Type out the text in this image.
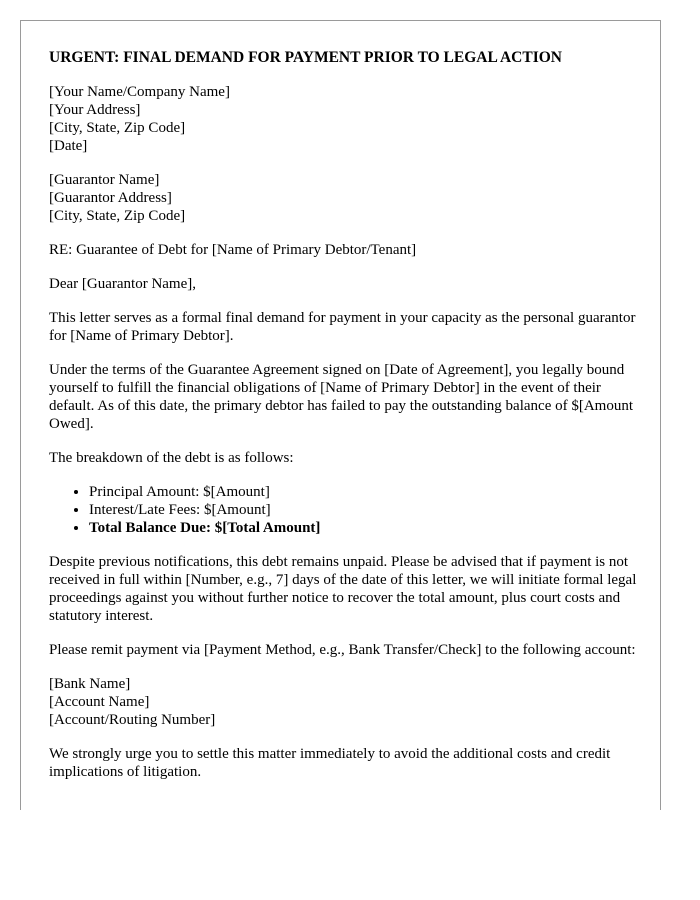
URGENT: FINAL DEMAND FOR PAYMENT PRIOR TO LEGAL ACTION
[Your Name/Company Name]
[Your Address]
[City, State, Zip Code]
[Date]
[Guarantor Name]
[Guarantor Address]
[City, State, Zip Code]

RE: Guarantee of Debt for [Name of Primary Debtor/Tenant]

Dear [Guarantor Name],

This letter serves as a formal final demand for payment in your capacity as the personal guarantor for [Name of Primary Debtor].

Under the terms of the Guarantee Agreement signed on [Date of Agreement], you legally bound yourself to fulfill the financial obligations of [Name of Primary Debtor] in the event of their default. As of this date, the primary debtor has failed to pay the outstanding balance of $[Amount Owed].

The breakdown of the debt is as follows:

• Principal Amount: $[Amount]
• Interest/Late Fees: $[Amount]
• Total Balance Due: $[Total Amount]

Despite previous notifications, this debt remains unpaid. Please be advised that if payment is not received in full within [Number, e.g., 7] days of the date of this letter, we will initiate formal legal proceedings against you without further notice to recover the total amount, plus court costs and statutory interest.

Please remit payment via [Payment Method, e.g., Bank Transfer/Check] to the following account:

[Bank Name]
[Account Name]
[Account/Routing Number]

We strongly urge you to settle this matter immediately to avoid the additional costs and credit implications of litigation.
